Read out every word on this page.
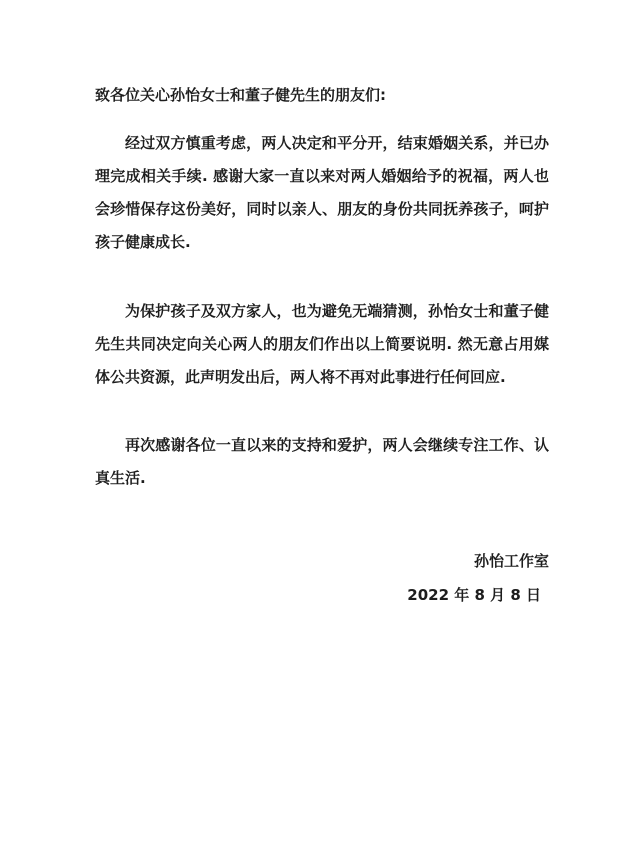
致各位关心孙怡女士和董子健先生的朋友们:
经过双方慎重考虑，两人决定和平分开，结束婚姻关系，并已办
理完成相关手续. 感谢大家一直以来对两人婚姻给予的祝福，两人也
会珍惜保存这份美好，同时以亲人、朋友的身份共同抚养孩子，呵护
孩子健康成长.
为保护孩子及双方家人，也为避免无端猜测，孙怡女士和董子健
先生共同决定向关心两人的朋友们作出以上简要说明. 然无意占用媒
体公共资源，此声明发出后，两人将不再对此事进行任何回应.
再次感谢各位一直以来的支持和爱护，两人会继续专注工作、认
真生活.
孙怡工作室
2022 年 8 月 8 日
